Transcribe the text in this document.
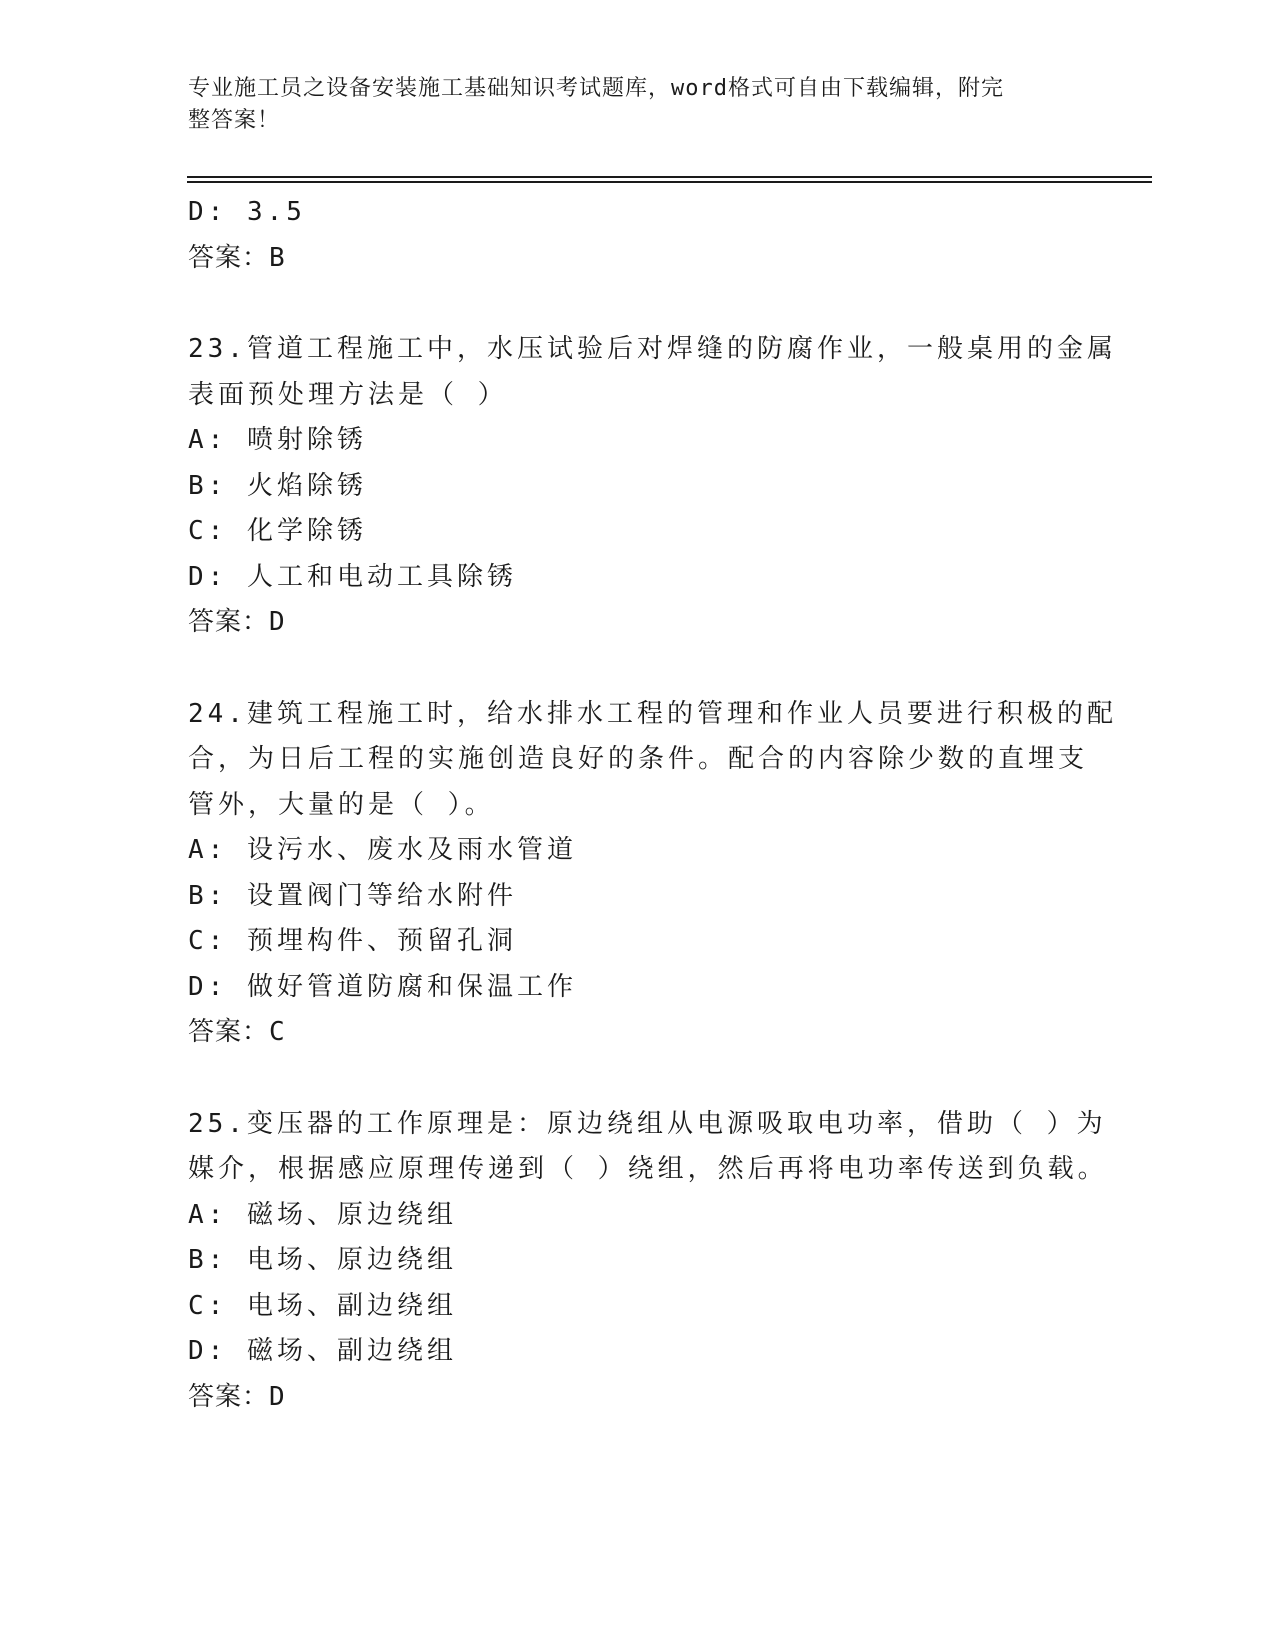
专业施工员之设备安装施工基础知识考试题库，word格式可自由下载编辑，附完
整答案！
D: 3.5
答案：B
23.管道工程施工中，水压试验后对焊缝的防腐作业，一般桌用的金属
表面预处理方法是（ ）
A: 喷射除锈
B: 火焰除锈
C: 化学除锈
D: 人工和电动工具除锈
答案：D
24.建筑工程施工时，给水排水工程的管理和作业人员要进行积极的配
合，为日后工程的实施创造良好的条件。配合的内容除少数的直埋支
管外，大量的是（ ）。
A: 设污水、废水及雨水管道
B: 设置阀门等给水附件
C: 预埋构件、预留孔洞
D: 做好管道防腐和保温工作
答案：C
25.变压器的工作原理是：原边绕组从电源吸取电功率，借助（ ）为
媒介，根据感应原理传递到（ ）绕组，然后再将电功率传送到负载。
A: 磁场、原边绕组
B: 电场、原边绕组
C: 电场、副边绕组
D: 磁场、副边绕组
答案：D
